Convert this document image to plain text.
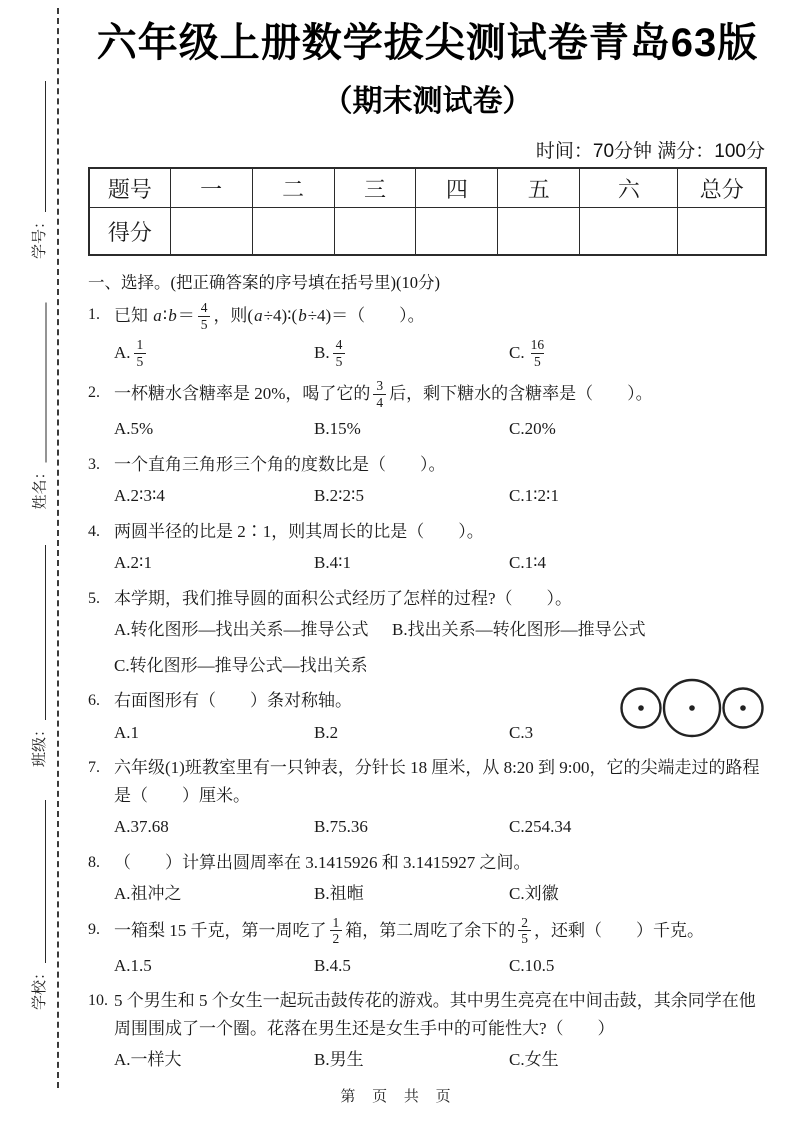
学号：
姓名：
班级：
学校：
六年级上册数学拔尖测试卷青岛63版
（期末测试卷）
时间：70分钟 满分：100分
题号	一	二	三	四	五	六	总分
得分							
一、选择。(把正确答案的序号填在括号里)(10分)
1. 已知 a∶b＝ $\frac{4}{5}$ ，则(a÷4)∶(b÷4)＝（　　）。
A. $\frac{1}{5}$	B. $\frac{4}{5}$	C. $\frac{16}{5}$
2. 一杯糖水含糖率是 20%，喝了它的 $\frac{3}{4}$ 后，剩下糖水的含糖率是（　　）。
A.5%	B.15%	C.20%
3. 一个直角三角形三个角的度数比是（　　）。
A.2∶3∶4	B.2∶2∶5	C.1∶2∶1
4. 两圆半径的比是 2∶1，则其周长的比是（　　）。
A.2∶1	B.4∶1	C.1∶4
5. 本学期，我们推导圆的面积公式经历了怎样的过程?（　　）。
A.转化图形—找出关系—推导公式	B.找出关系—转化图形—推导公式
C.转化图形—推导公式—找出关系
6. 右面图形有（　　）条对称轴。
A.1	B.2	C.3
7. 六年级(1)班教室里有一只钟表，分针长 18 厘米，从 8:20 到 9:00，它的尖端走过的路程是（　　）厘米。
A.37.68	B.75.36	C.254.34
8. （　　）计算出圆周率在 3.1415926 和 3.1415927 之间。
A.祖冲之	B.祖暅	C.刘徽
9. 一箱梨 15 千克，第一周吃了 $\frac{1}{2}$ 箱，第二周吃了余下的 $\frac{2}{5}$ ，还剩（　　）千克。
A.1.5	B.4.5	C.10.5
10. 5 个男生和 5 个女生一起玩击鼓传花的游戏。其中男生亮亮在中间击鼓，其余同学在他周围围成了一个圈。花落在男生还是女生手中的可能性大?（　　）
A.一样大	B.男生	C.女生
第 页 共 页
